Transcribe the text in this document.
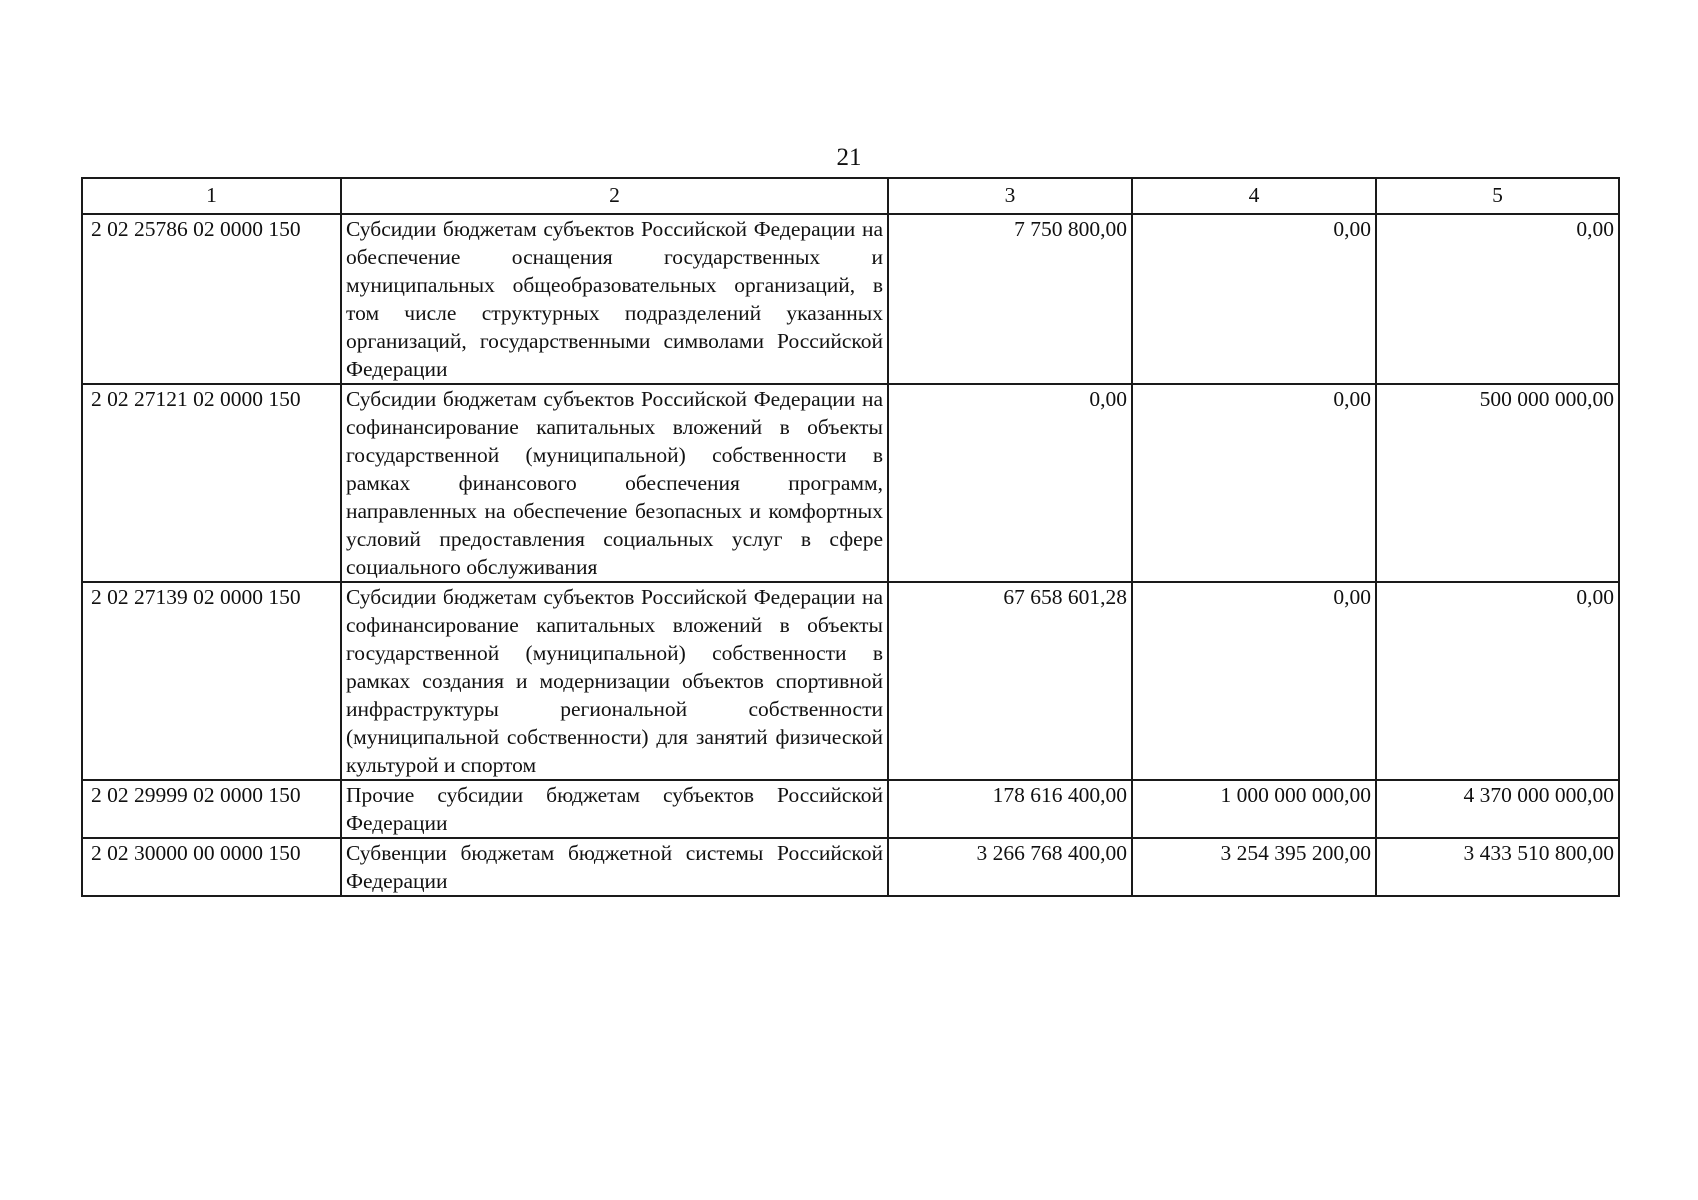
21
1	2	3	4	5
2 02 25786 02 0000 150	Субсидии бюджетам субъектов Российской Федерации на обеспечение оснащения государственных и муниципальных общеобразовательных организаций, в том числе структурных подразделений указанных организаций, государственными символами Российской Федерации	7 750 800,00	0,00	0,00
2 02 27121 02 0000 150	Субсидии бюджетам субъектов Российской Федерации на софинансирование капитальных вложений в объекты государственной (муниципальной) собственности в рамках финансового обеспечения программ, направленных на обеспечение безопасных и комфортных условий предоставления социальных услуг в сфере социального обслуживания	0,00	0,00	500 000 000,00
2 02 27139 02 0000 150	Субсидии бюджетам субъектов Российской Федерации на софинансирование капитальных вложений в объекты государственной (муниципальной) собственности в рамках создания и модернизации объектов спортивной инфраструктуры региональной собственности (муниципальной собственности) для занятий физической культурой и спортом	67 658 601,28	0,00	0,00
2 02 29999 02 0000 150	Прочие субсидии бюджетам субъектов Российской Федерации	178 616 400,00	1 000 000 000,00	4 370 000 000,00
2 02 30000 00 0000 150	Субвенции бюджетам бюджетной системы Российской Федерации	3 266 768 400,00	3 254 395 200,00	3 433 510 800,00
